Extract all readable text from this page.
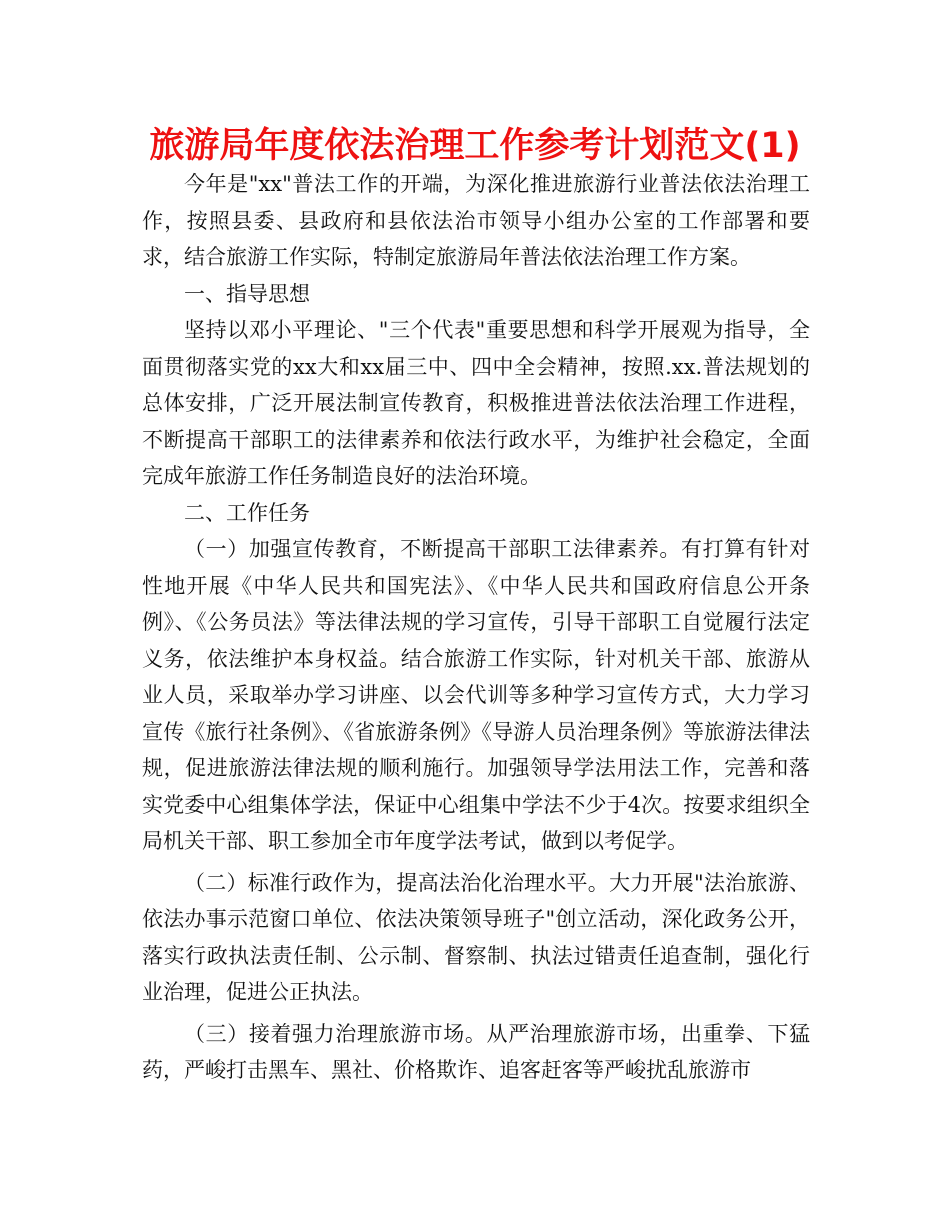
旅游局年度依法治理工作参考计划范文(1)

今年是"xx"普法工作的开端，为深化推进旅游行业普法依法治理工作，按照县委、县政府和县依法治市领导小组办公室的工作部署和要求，结合旅游工作实际，特制定旅游局年普法依法治理工作方案。

一、指导思想

坚持以邓小平理论、"三个代表"重要思想和科学开展观为指导，全面贯彻落实党的xx大和xx届三中、四中全会精神，按照.xx.普法规划的总体安排，广泛开展法制宣传教育，积极推进普法依法治理工作进程，不断提高干部职工的法律素养和依法行政水平，为维护社会稳定，全面完成年旅游工作任务制造良好的法治环境。

二、工作任务

（一）加强宣传教育，不断提高干部职工法律素养。有打算有针对性地开展《中华人民共和国宪法》、《中华人民共和国政府信息公开条例》、《公务员法》等法律法规的学习宣传，引导干部职工自觉履行法定义务，依法维护本身权益。结合旅游工作实际，针对机关干部、旅游从业人员，采取举办学习讲座、以会代训等多种学习宣传方式，大力学习宣传《旅行社条例》、《省旅游条例》《导游人员治理条例》等旅游法律法规，促进旅游法律法规的顺利施行。加强领导学法用法工作，完善和落实党委中心组集体学法，保证中心组集中学法不少于4次。按要求组织全局机关干部、职工参加全市年度学法考试，做到以考促学。

（二）标准行政作为，提高法治化治理水平。大力开展"法治旅游、依法办事示范窗口单位、依法决策领导班子"创立活动，深化政务公开，落实行政执法责任制、公示制、督察制、执法过错责任追查制，强化行业治理，促进公正执法。

（三）接着强力治理旅游市场。从严治理旅游市场，出重拳、下猛药，严峻打击黑车、黑社、价格欺诈、追客赶客等严峻扰乱旅游市
